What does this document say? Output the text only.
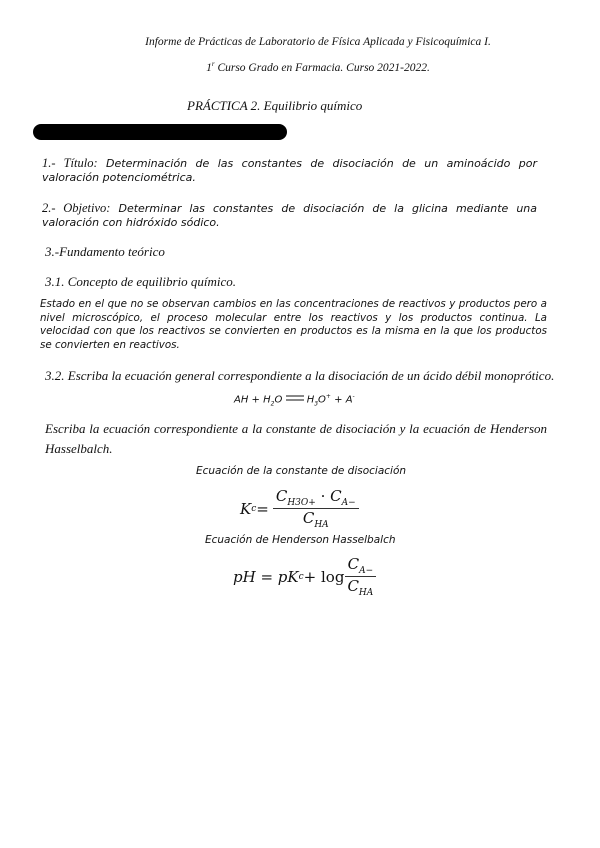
Informe de Prácticas de Laboratorio de Física Aplicada y Fisicoquímica I.
1$^r$ Curso Grado en Farmacia. Curso 2021-2022.
PRÁCTICA 2. Equilibrio químico
1.- Título: Determinación de las constantes de disociación de un aminoácido por valoración potenciométrica.
2.- Objetivo: Determinar las constantes de disociación de la glicina mediante una valoración con hidróxido sódico.
3.-Fundamento teórico
3.1. Concepto de equilibrio químico.
Estado en el que no se observan cambios en las concentraciones de reactivos y productos pero a nivel microscópico, el proceso molecular entre los reactivos y los productos continua. La velocidad con que los reactivos se convierten en productos es la misma en la que los productos se convierten en reactivos.
3.2. Escriba la ecuación general correspondiente a la disociación de un ácido débil monoprótico.
AH + $H_2O$  $H_3O^+ + A^-$
Escriba la ecuación correspondiente a la constante de disociación y la ecuación de Henderson Hasselbalch.
Ecuación de la constante de disociación
K $c = \frac{C_{H3O+} \cdot C_{A-}}{C_{HA}}$
Ecuación de Henderson Hasselbalch
pH = pK $c + \log \frac{C_{A-}}{C_{HA}}$
